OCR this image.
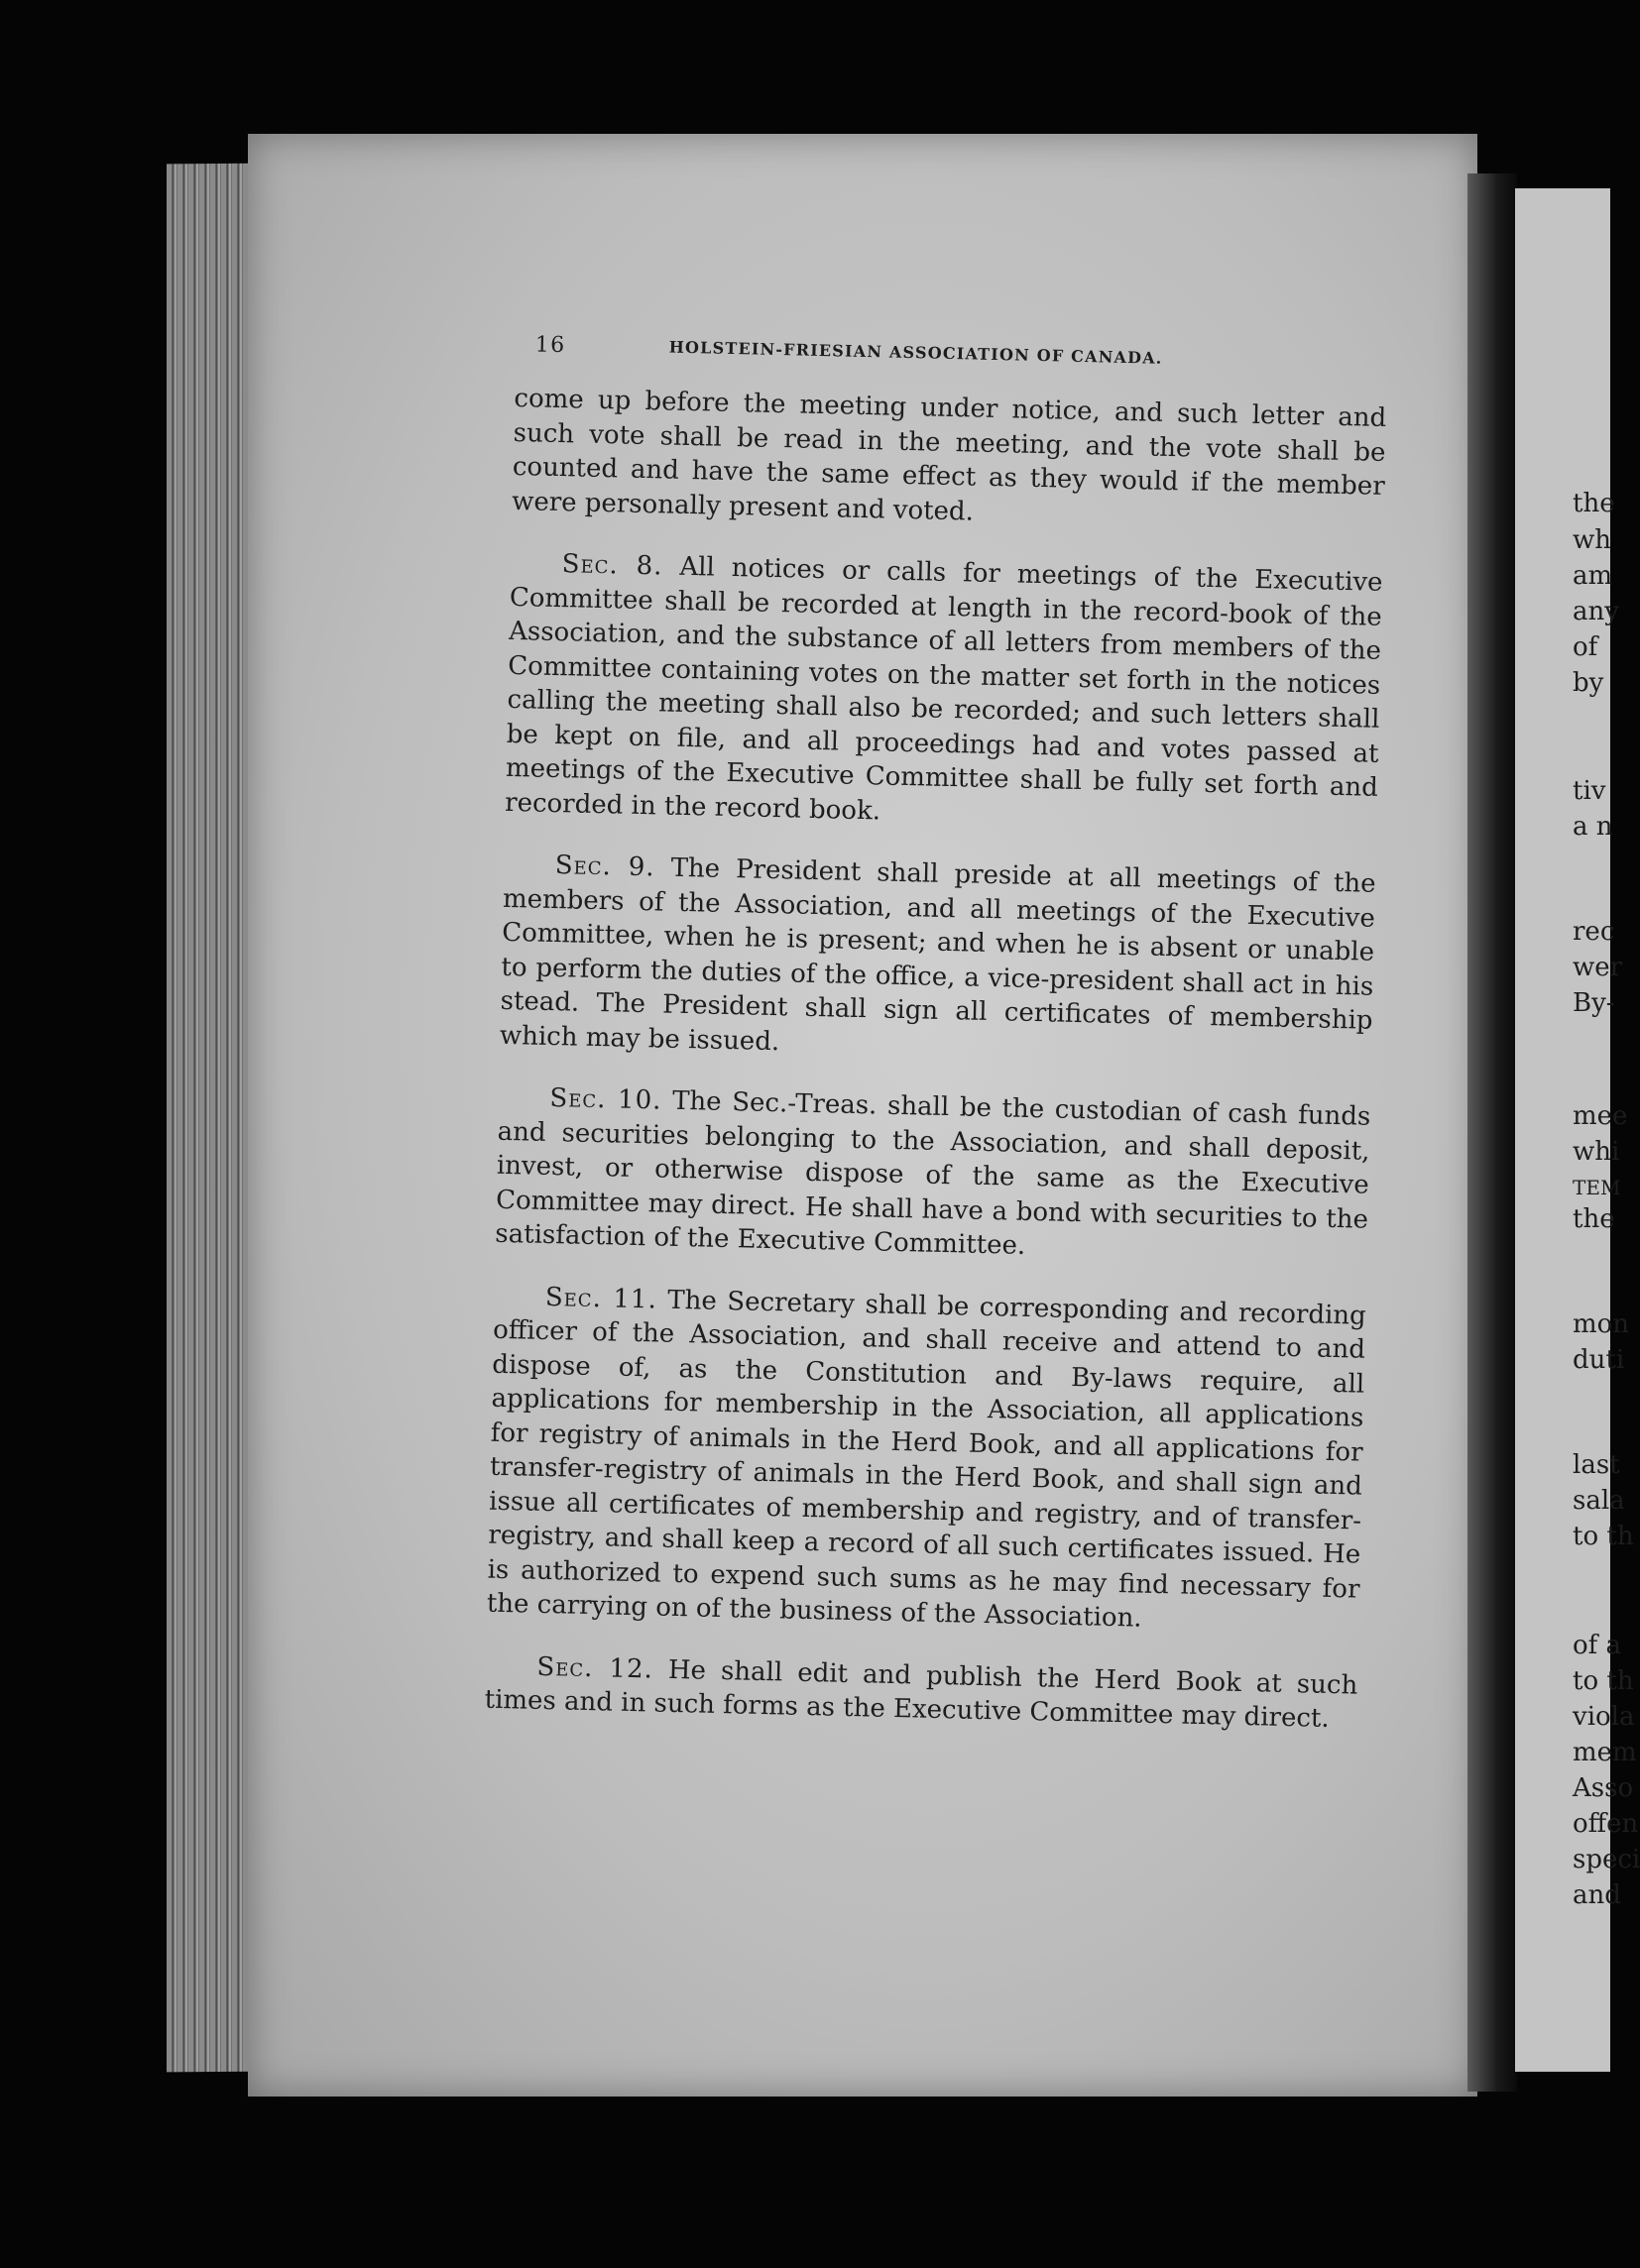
16	HOLSTEIN-FRIESIAN ASSOCIATION OF CANADA.

come up before the meeting under notice, and such letter and such vote shall be read in the meeting, and the vote shall be counted and have the same effect as they would if the member were personally present and voted.

Sec. 8. All notices or calls for meetings of the Executive Committee shall be recorded at length in the record-book of the Association, and the substance of all letters from members of the Committee containing votes on the matter set forth in the notices calling the meeting shall also be recorded; and such letters shall be kept on file, and all proceedings had and votes passed at meetings of the Executive Committee shall be fully set forth and recorded in the record book.

Sec. 9. The President shall preside at all meetings of the members of the Association, and all meetings of the Executive Committee, when he is present; and when he is absent or unable to perform the duties of the office, a vice-president shall act in his stead. The President shall sign all certificates of membership which may be issued.

Sec. 10. The Sec.-Treas. shall be the custodian of cash funds and securities belonging to the Association, and shall deposit, invest, or otherwise dispose of the same as the Executive Committee may direct. He shall have a bond with securities to the satisfaction of the Executive Committee.

Sec. 11. The Secretary shall be corresponding and recording officer of the Association, and shall receive and attend to and dispose of, as the Constitution and By-laws require, all applications for membership in the Association, all applications for registry of animals in the Herd Book, and all applications for transfer-registry of animals in the Herd Book, and shall sign and issue all certificates of membership and registry, and of transfer-registry, and shall keep a record of all such certificates issued. He is authorized to expend such sums as he may find necessary for the carrying on of the business of the Association.

Sec. 12. He shall edit and publish the Herd Book at such times and in such forms as the Executive Committee may direct.

the
wh
am
any
of
by
tiv
a n
rec
wer
By-
mee
whi
TEM
the
mon
duti
last
sala
to th
of a
to th
viola
mem
Asso
offen
speci
and
